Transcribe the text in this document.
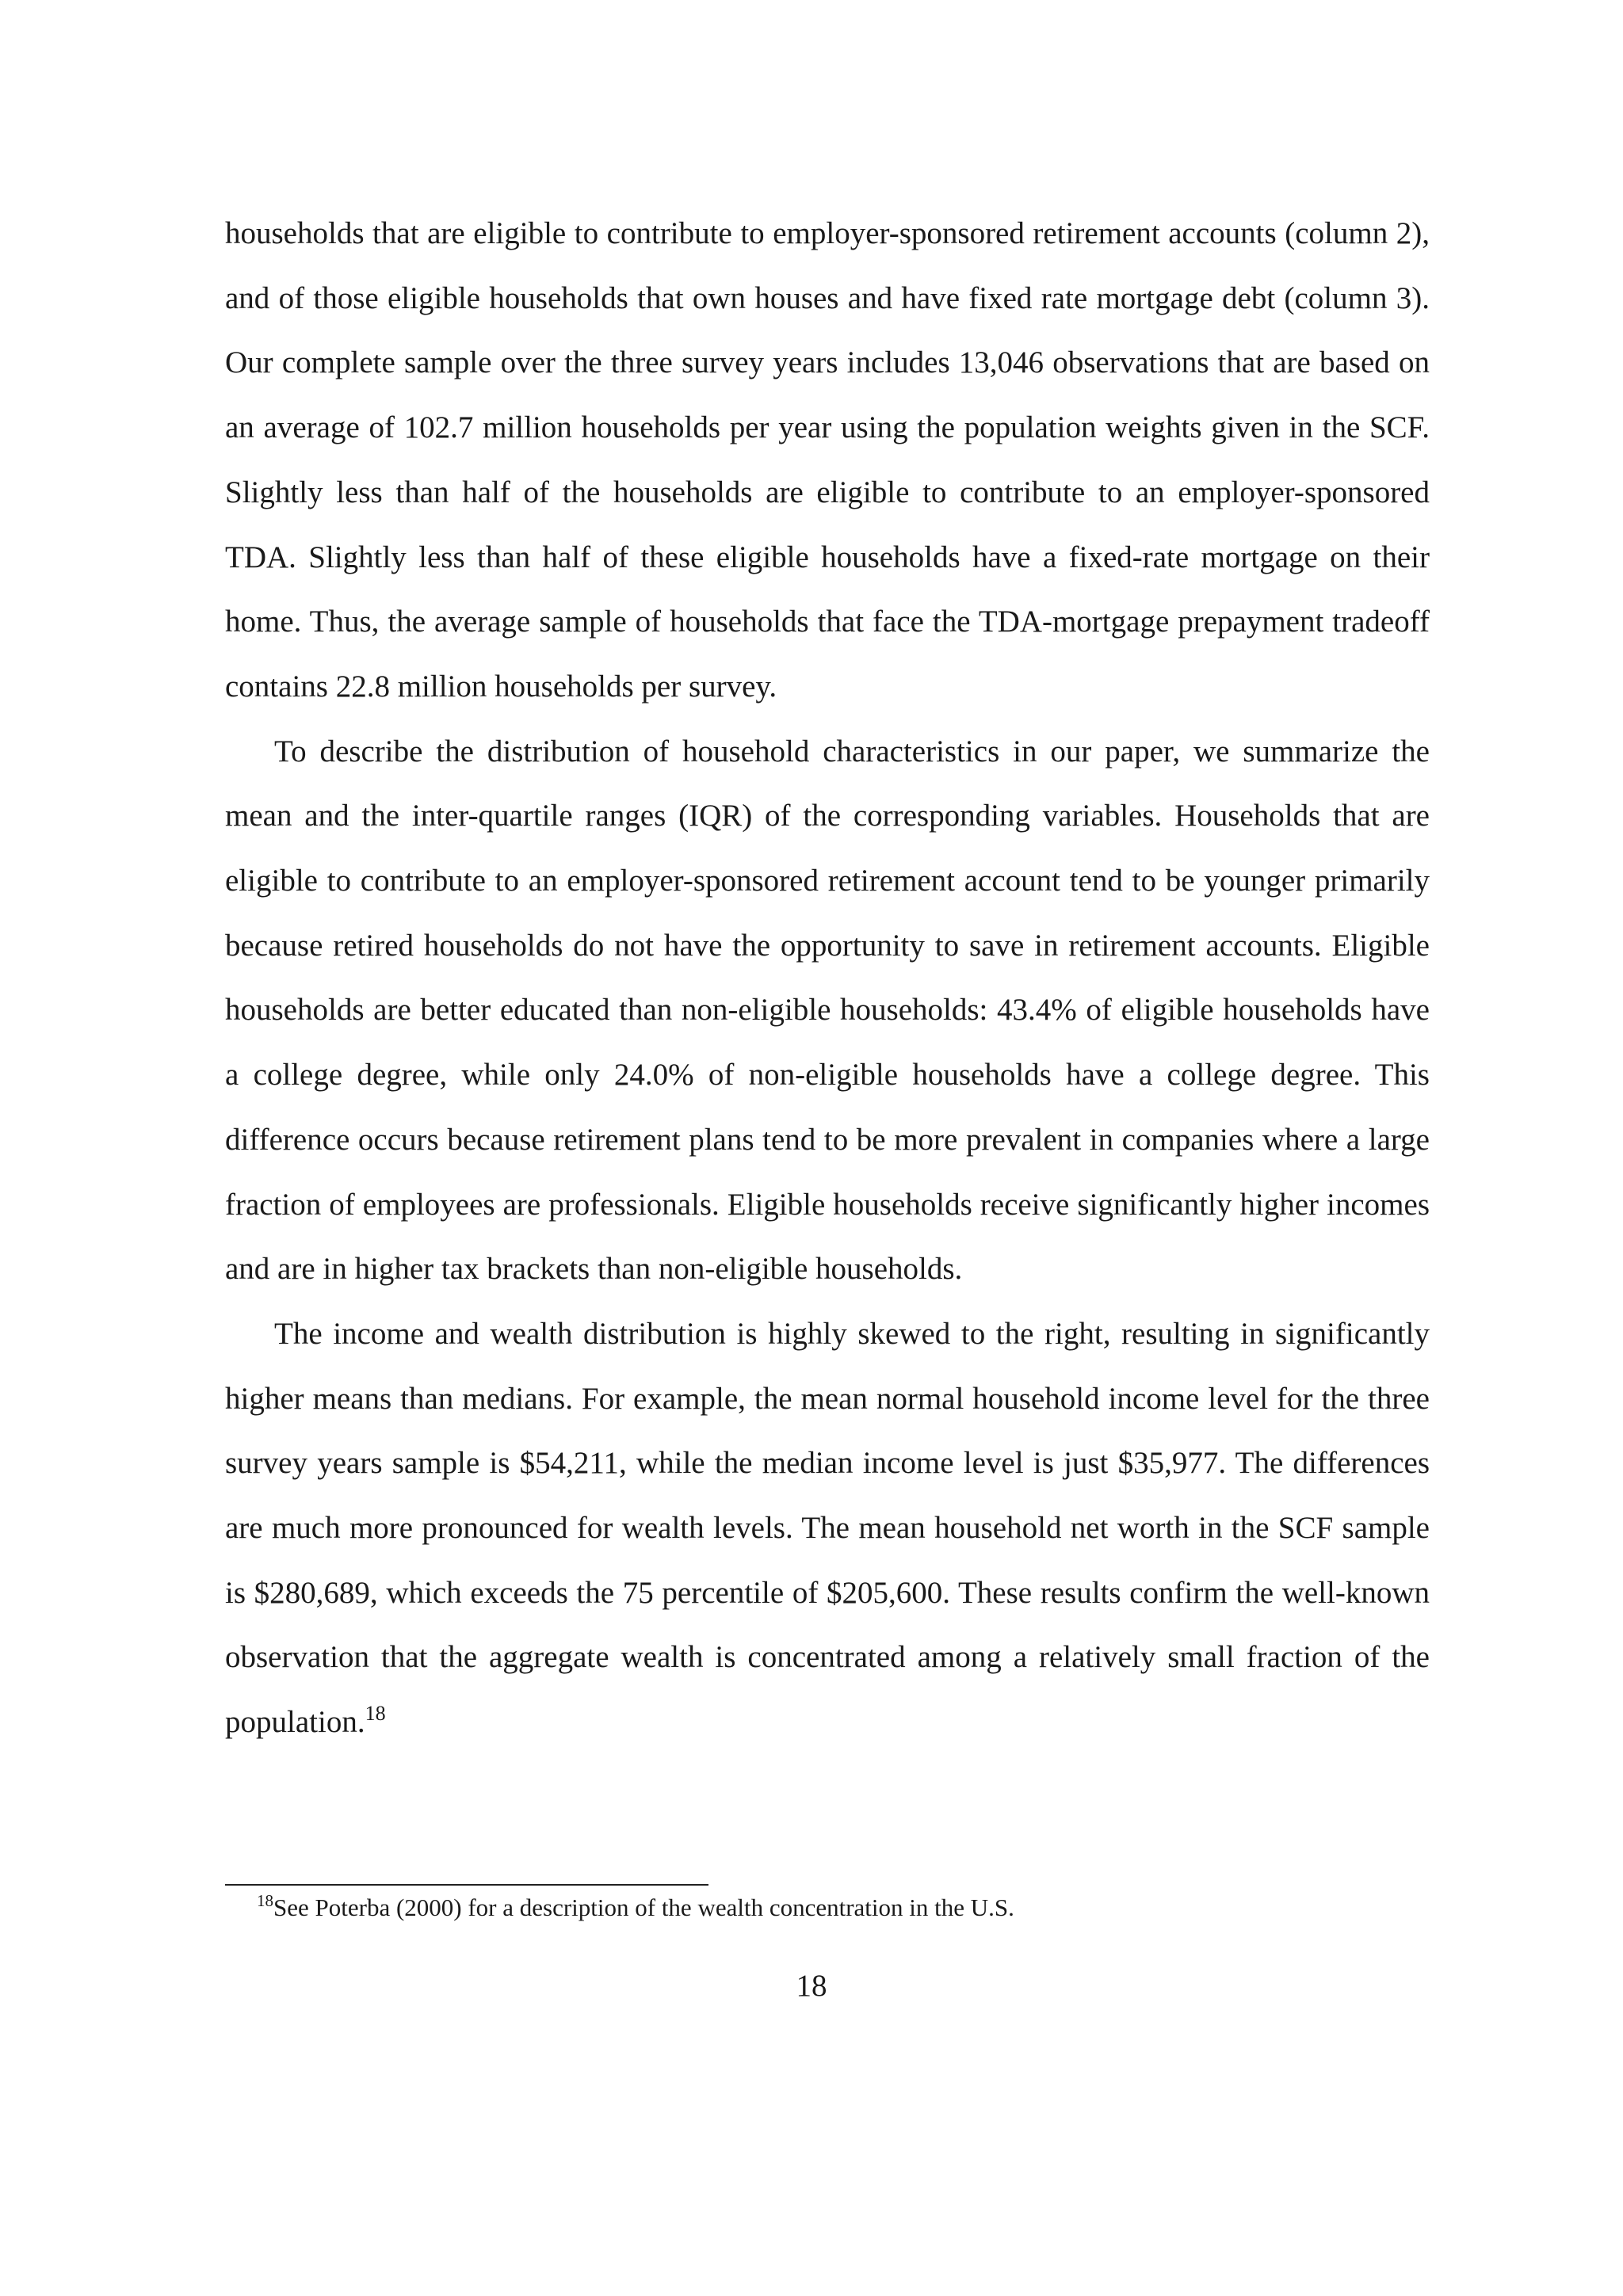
households that are eligible to contribute to employer-sponsored retirement accounts (column 2), and of those eligible households that own houses and have fixed rate mortgage debt (column 3). Our complete sample over the three survey years includes 13,046 observations that are based on an average of 102.7 million households per year using the population weights given in the SCF. Slightly less than half of the households are eligible to contribute to an employer-sponsored TDA. Slightly less than half of these eligible households have a fixed-rate mortgage on their home. Thus, the average sample of households that face the TDA-mortgage prepayment tradeoff contains 22.8 million households per survey.

To describe the distribution of household characteristics in our paper, we summarize the mean and the inter-quartile ranges (IQR) of the corresponding variables. Households that are eligible to contribute to an employer-sponsored retirement account tend to be younger primarily because retired households do not have the opportunity to save in retirement accounts. Eligible households are better educated than non-eligible households: 43.4% of eligible households have a college degree, while only 24.0% of non-eligible households have a college degree. This difference occurs because retirement plans tend to be more prevalent in companies where a large fraction of employees are professionals. Eligible households receive significantly higher incomes and are in higher tax brackets than non-eligible households.

The income and wealth distribution is highly skewed to the right, resulting in significantly higher means than medians. For example, the mean normal household income level for the three survey years sample is $54,211, while the median income level is just $35,977. The differences are much more pronounced for wealth levels. The mean household net worth in the SCF sample is $280,689, which exceeds the 75 percentile of $205,600. These results confirm the well-known observation that the aggregate wealth is concentrated among a relatively small fraction of the population.$^{18}$

$^{18}$See Poterba (2000) for a description of the wealth concentration in the U.S.
18
